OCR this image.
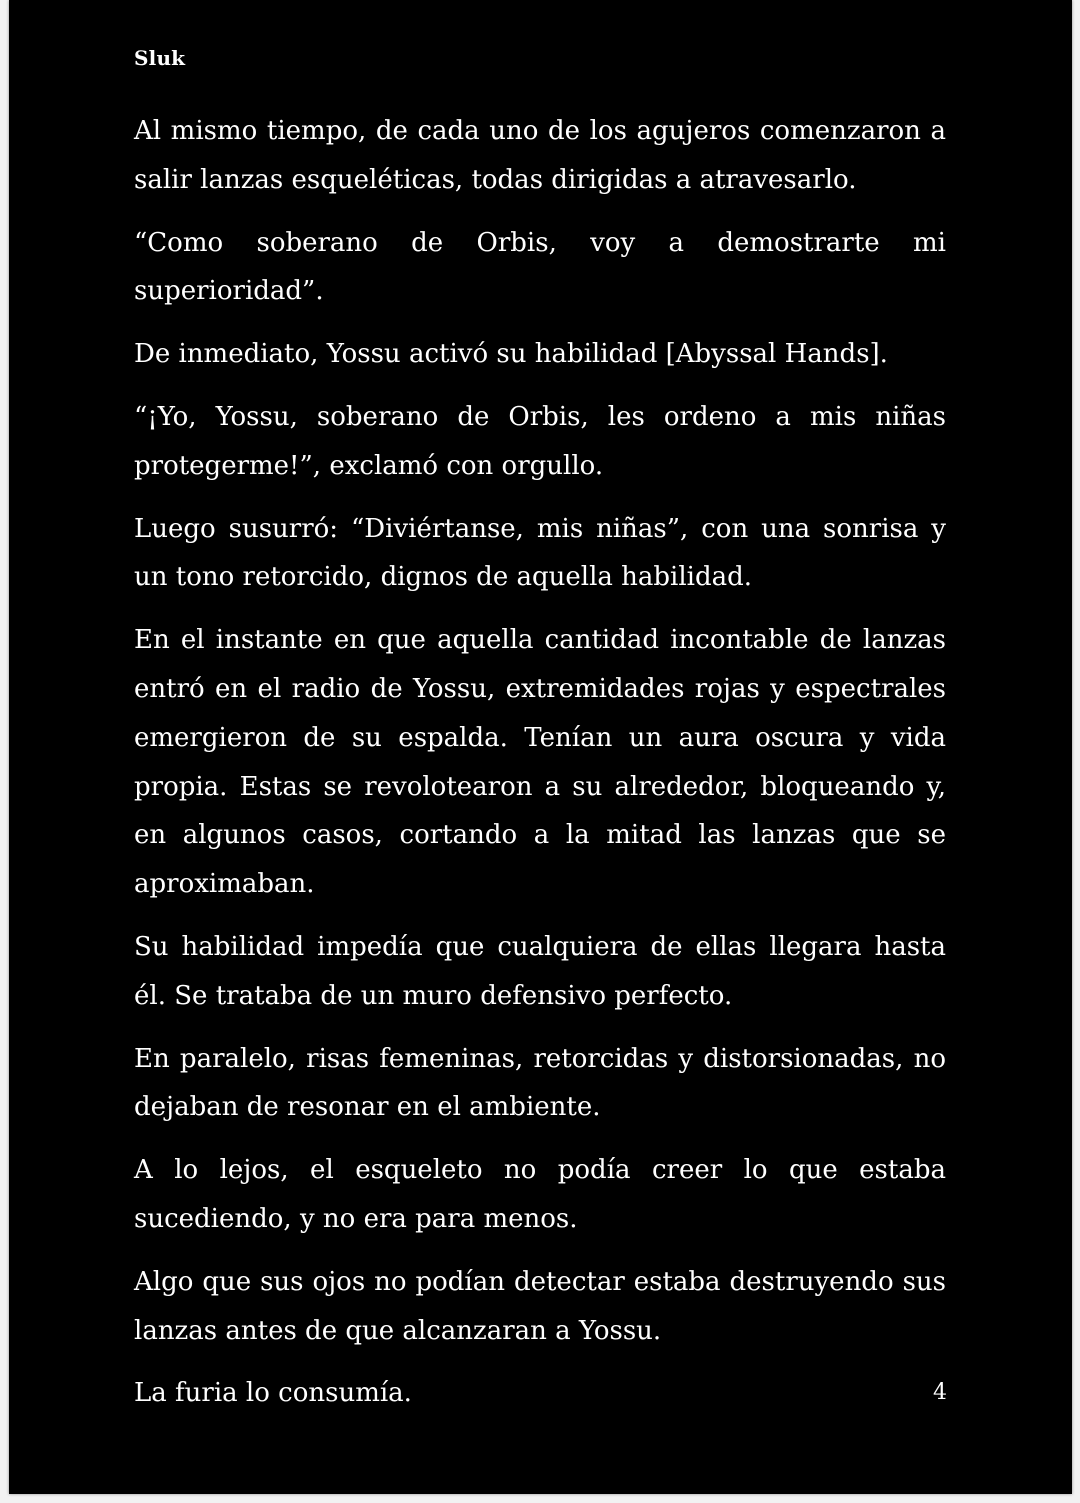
Sluk

Al mismo tiempo, de cada uno de los agujeros comenzaron a salir lanzas esqueléticas, todas dirigidas a atravesarlo.

“Como soberano de Orbis, voy a demostrarte mi superioridad”.

De inmediato, Yossu activó su habilidad [Abyssal Hands].

“¡Yo, Yossu, soberano de Orbis, les ordeno a mis niñas protegerme!”, exclamó con orgullo.

Luego susurró: “Diviértanse, mis niñas”, con una sonrisa y un tono retorcido, dignos de aquella habilidad.

En el instante en que aquella cantidad incontable de lanzas entró en el radio de Yossu, extremidades rojas y espectrales emergieron de su espalda. Tenían un aura oscura y vida propia. Estas se revolotearon a su alrededor, bloqueando y, en algunos casos, cortando a la mitad las lanzas que se aproximaban.

Su habilidad impedía que cualquiera de ellas llegara hasta él. Se trataba de un muro defensivo perfecto.

En paralelo, risas femeninas, retorcidas y distorsionadas, no dejaban de resonar en el ambiente.

A lo lejos, el esqueleto no podía creer lo que estaba sucediendo, y no era para menos.

Algo que sus ojos no podían detectar estaba destruyendo sus lanzas antes de que alcanzaran a Yossu.

La furia lo consumía.	4
